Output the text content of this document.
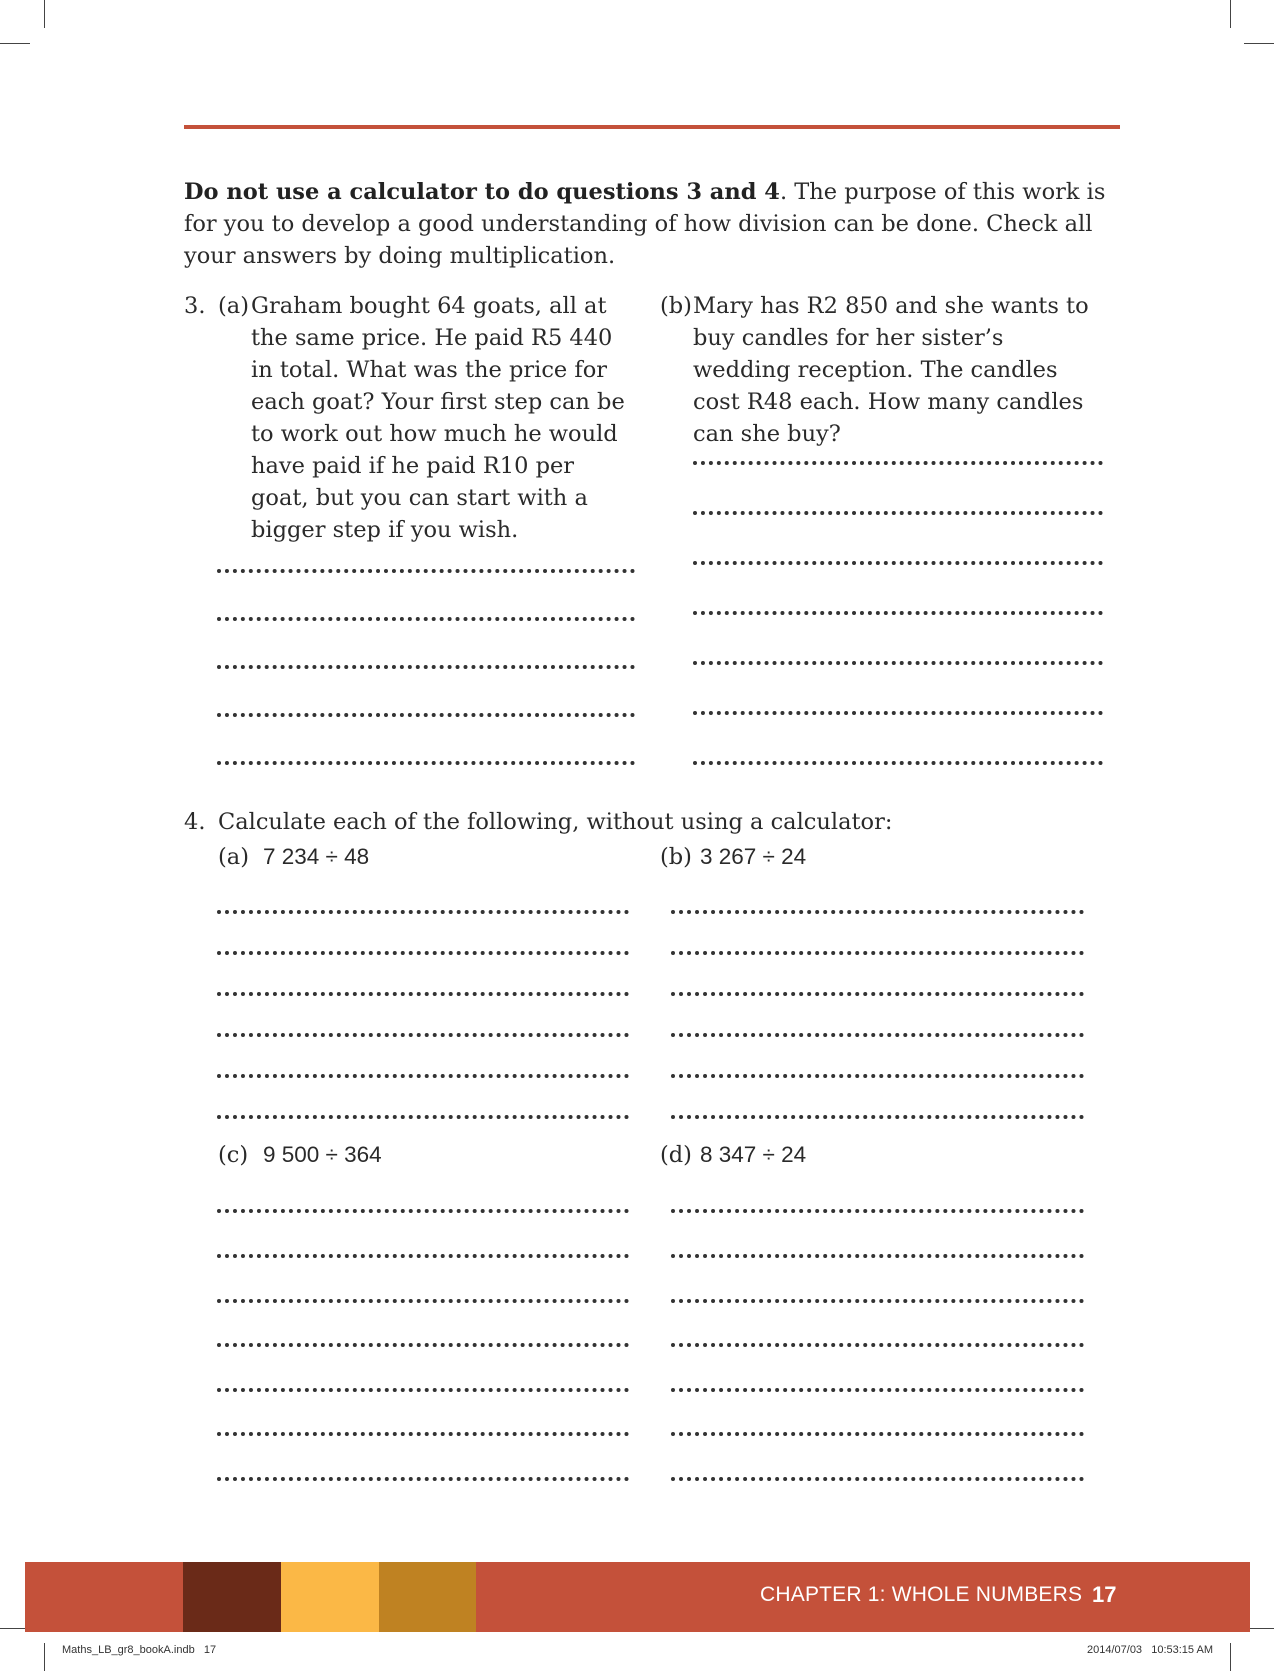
Do not use a calculator to do questions 3 and 4. The purpose of this work is for you to develop a good understanding of how division can be done. Check all your answers by doing multiplication.

3. (a) Graham bought 64 goats, all at the same price. He paid R5 440 in total. What was the price for each goat? Your first step can be to work out how much he would have paid if he paid R10 per goat, but you can start with a bigger step if you wish.

(b) Mary has R2 850 and she wants to buy candles for her sister’s wedding reception. The candles cost R48 each. How many candles can she buy?

4. Calculate each of the following, without using a calculator:
(a) 7 234 ÷ 48	(b) 3 267 ÷ 24
(c) 9 500 ÷ 364	(d) 8 347 ÷ 24
CHAPTER 1: WHOLE NUMBERS 17
Maths_LB_gr8_bookA.indb   17	2014/07/03   10:53:15 AM
